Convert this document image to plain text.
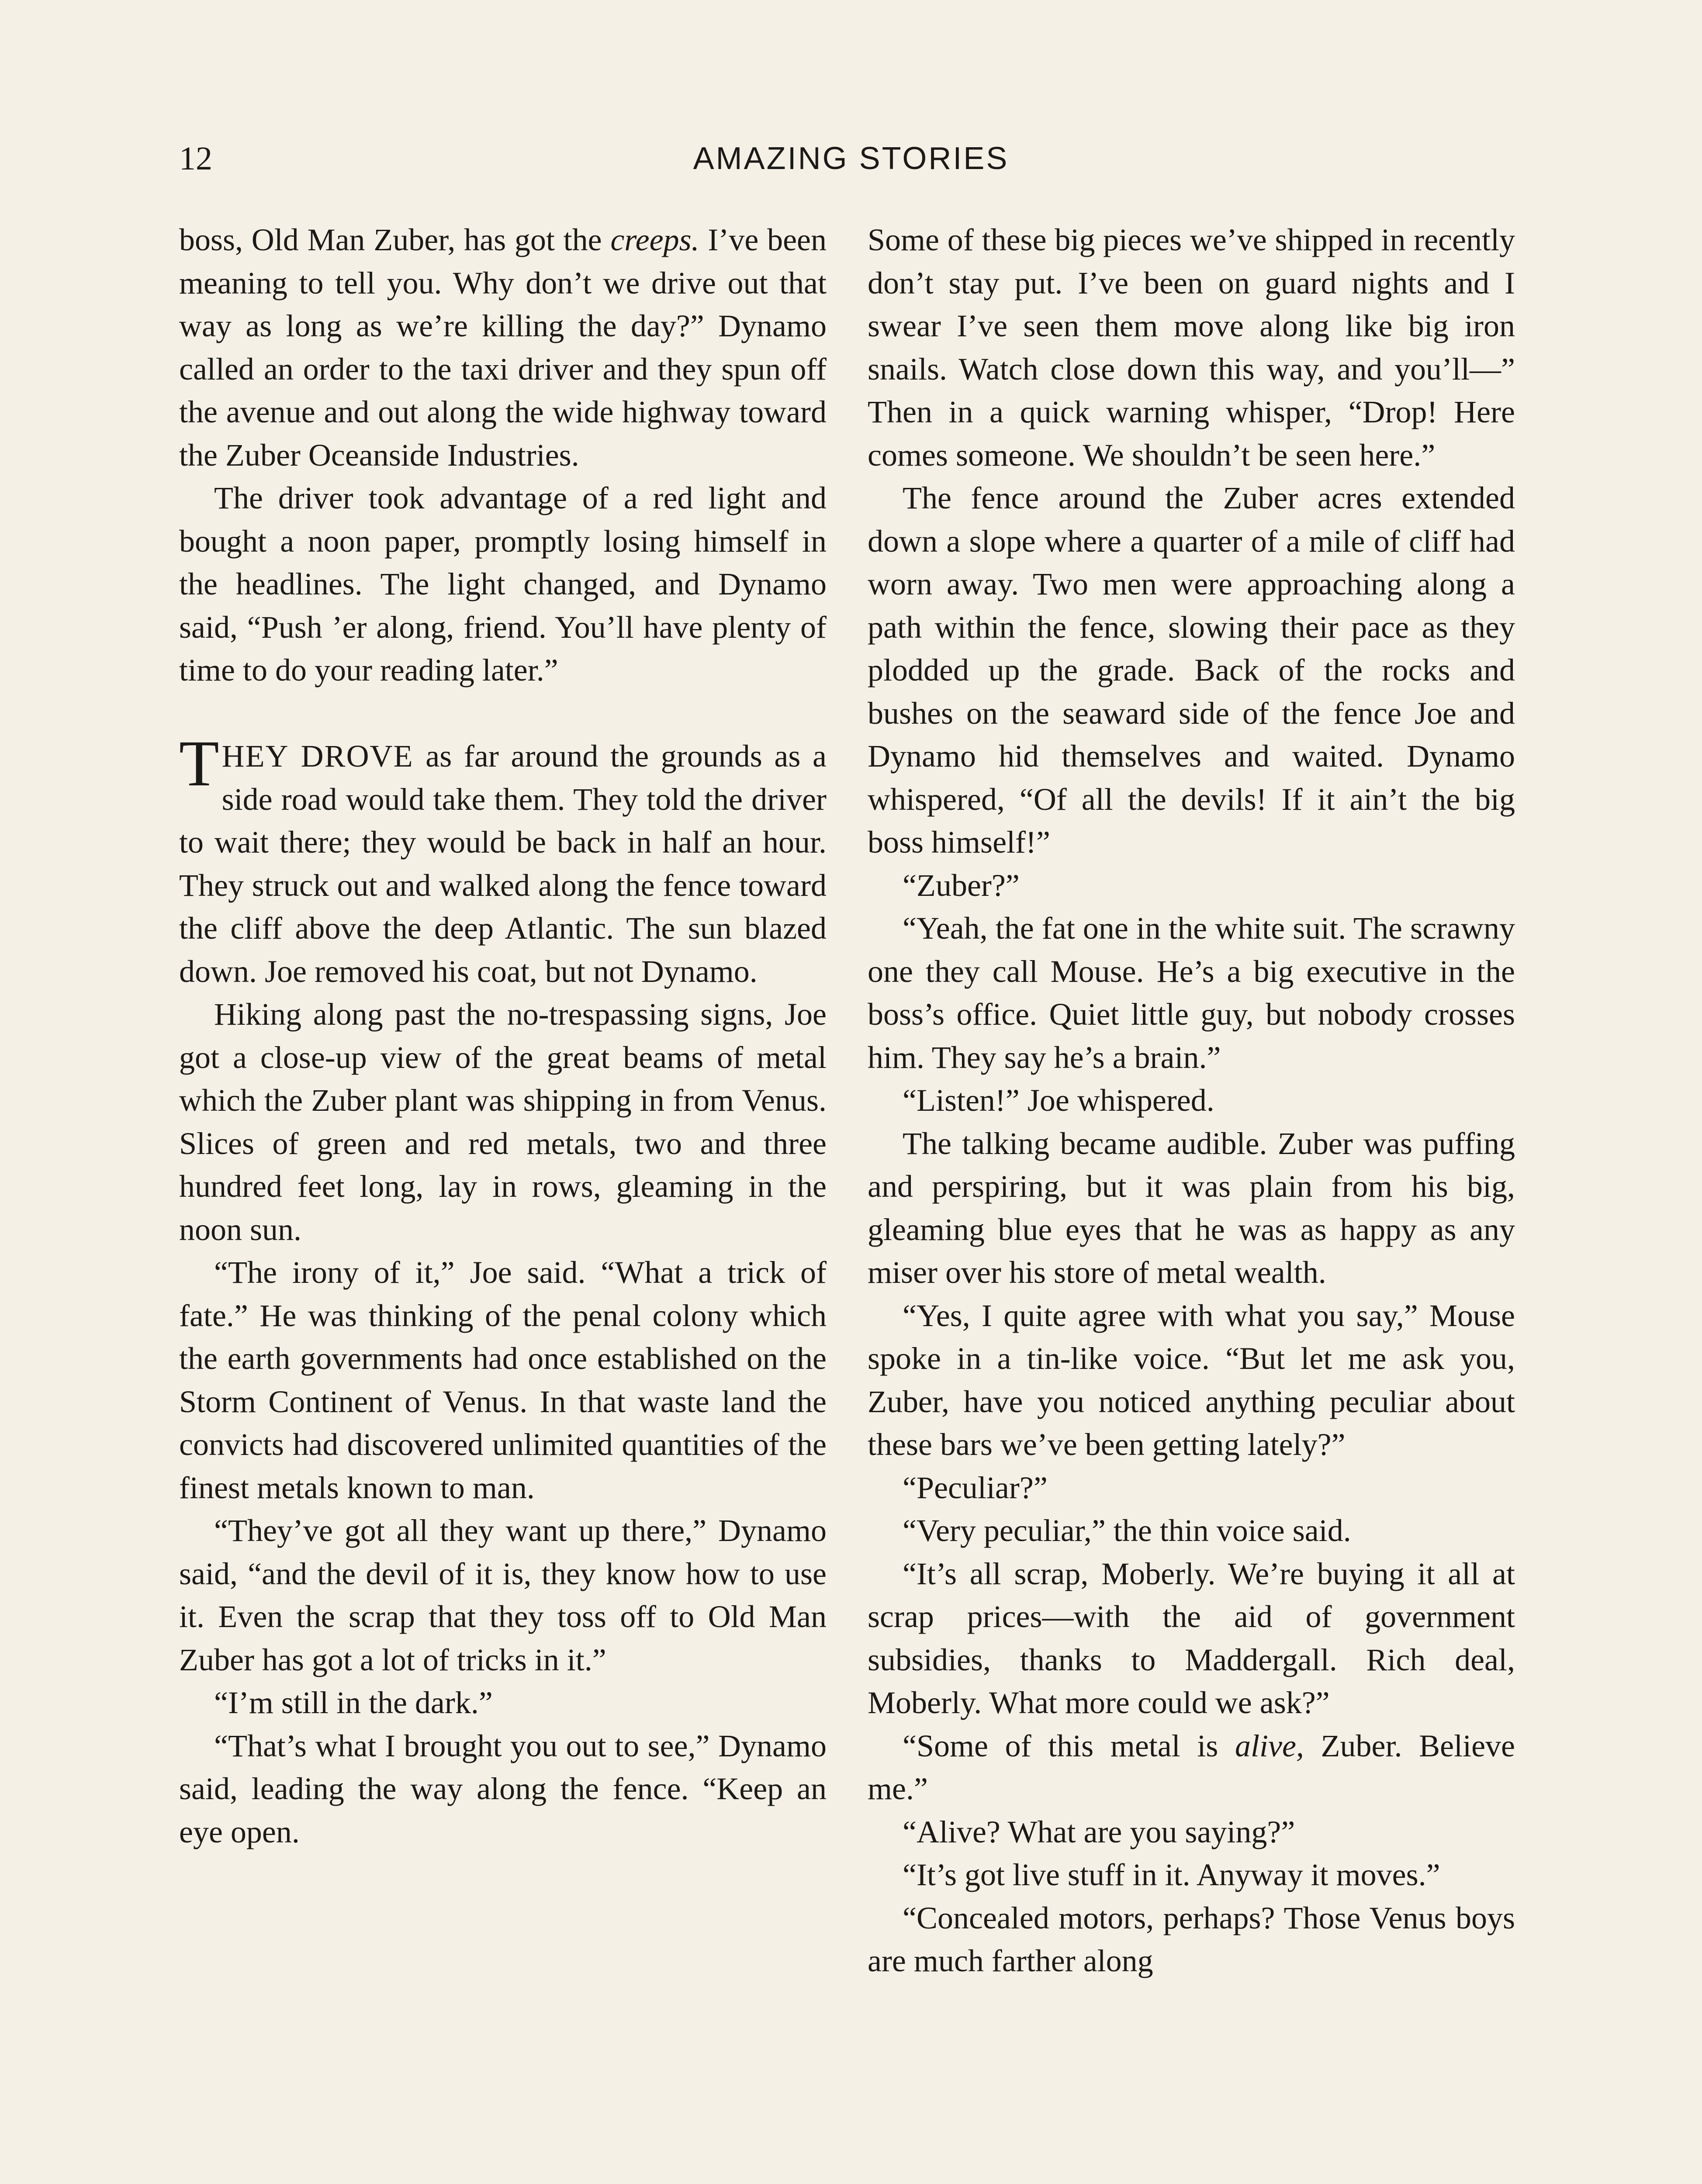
12	AMAZING STORIES

boss, Old Man Zuber, has got the creeps. I’ve been meaning to tell you. Why don’t we drive out that way as long as we’re killing the day?” Dynamo called an order to the taxi driver and they spun off the avenue and out along the wide highway toward the Zuber Oceanside Industries.

The driver took advantage of a red light and bought a noon paper, promptly losing himself in the headlines. The light changed, and Dynamo said, “Push ’er along, friend. You’ll have plenty of time to do your reading later.”

THEY DROVE as far around the grounds as a side road would take them. They told the driver to wait there; they would be back in half an hour. They struck out and walked along the fence toward the cliff above the deep Atlantic. The sun blazed down. Joe removed his coat, but not Dynamo.

Hiking along past the no-trespassing signs, Joe got a close-up view of the great beams of metal which the Zuber plant was shipping in from Venus. Slices of green and red metals, two and three hundred feet long, lay in rows, gleaming in the noon sun.

“The irony of it,” Joe said. “What a trick of fate.” He was thinking of the penal colony which the earth governments had once established on the Storm Continent of Venus. In that waste land the convicts had discovered unlimited quantities of the finest metals known to man.

“They’ve got all they want up there,” Dynamo said, “and the devil of it is, they know how to use it. Even the scrap that they toss off to Old Man Zuber has got a lot of tricks in it.”

“I’m still in the dark.”

“That’s what I brought you out to see,” Dynamo said, leading the way along the fence. “Keep an eye open.

Some of these big pieces we’ve shipped in recently don’t stay put. I’ve been on guard nights and I swear I’ve seen them move along like big iron snails. Watch close down this way, and you’ll—” Then in a quick warning whisper, “Drop! Here comes someone. We shouldn’t be seen here.”

The fence around the Zuber acres extended down a slope where a quarter of a mile of cliff had worn away. Two men were approaching along a path within the fence, slowing their pace as they plodded up the grade. Back of the rocks and bushes on the seaward side of the fence Joe and Dynamo hid themselves and waited. Dynamo whispered, “Of all the devils! If it ain’t the big boss himself!”

“Zuber?”

“Yeah, the fat one in the white suit. The scrawny one they call Mouse. He’s a big executive in the boss’s office. Quiet little guy, but nobody crosses him. They say he’s a brain.”

“Listen!” Joe whispered.

The talking became audible. Zuber was puffing and perspiring, but it was plain from his big, gleaming blue eyes that he was as happy as any miser over his store of metal wealth.

“Yes, I quite agree with what you say,” Mouse spoke in a tin-like voice. “But let me ask you, Zuber, have you noticed anything peculiar about these bars we’ve been getting lately?”

“Peculiar?”

“Very peculiar,” the thin voice said.

“It’s all scrap, Moberly. We’re buying it all at scrap prices—with the aid of government subsidies, thanks to Maddergall. Rich deal, Moberly. What more could we ask?”

“Some of this metal is alive, Zuber. Believe me.”

“Alive? What are you saying?”

“It’s got live stuff in it. Anyway it moves.”

“Concealed motors, perhaps? Those Venus boys are much farther along
